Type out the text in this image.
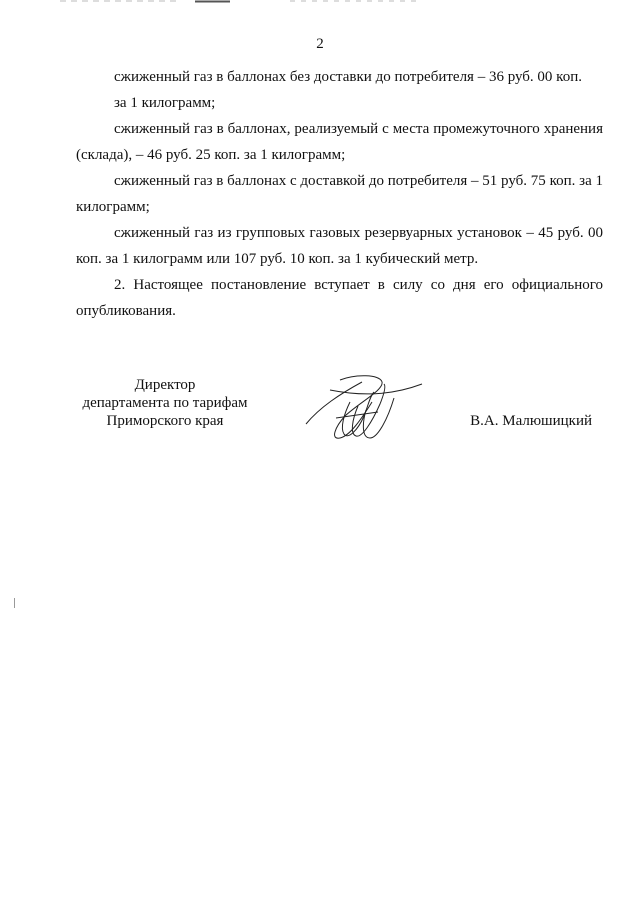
2

сжиженный газ в баллонах без доставки до потребителя – 36 руб. 00 коп.
за 1 килограмм;

сжиженный газ в баллонах, реализуемый с места промежуточного хранения (склада), – 46 руб. 25 коп. за 1 килограмм;

сжиженный газ в баллонах с доставкой до потребителя – 51 руб. 75 коп. за 1 килограмм;

сжиженный газ из групповых газовых резервуарных установок – 45 руб. 00 коп. за 1 килограмм или 107 руб. 10 коп. за 1 кубический метр.

2. Настоящее постановление вступает в силу со дня его официального опубликования.

Директор
департамента по тарифам
Приморского края	В.А. Малюшицкий
